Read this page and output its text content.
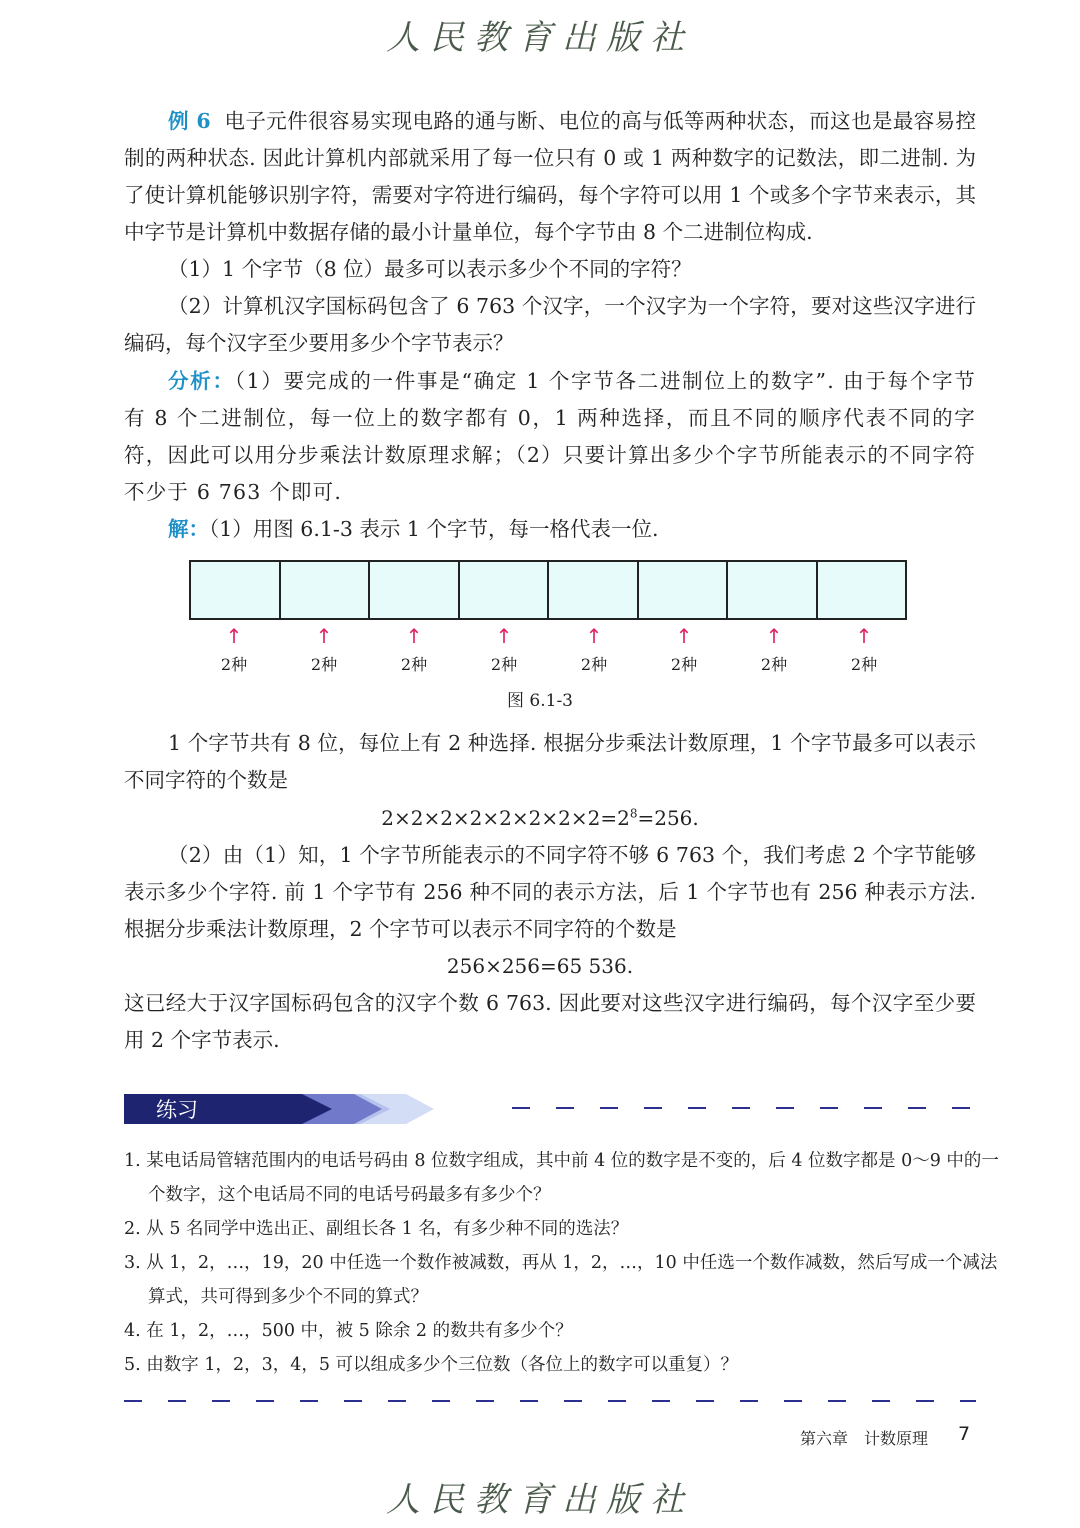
人民教育出版社
例 6 电子元件很容易实现电路的通与断、电位的高与低等两种状态，而这也是最容易控制的两种状态. 因此计算机内部就采用了每一位只有 0 或 1 两种数字的记数法，即二进制. 为了使计算机能够识别字符，需要对字符进行编码，每个字符可以用 1 个或多个字节来表示，其中字节是计算机中数据存储的最小计量单位，每个字节由 8 个二进制位构成.
（1）1 个字节（8 位）最多可以表示多少个不同的字符？
（2）计算机汉字国标码包含了 6 763 个汉字，一个汉字为一个字符，要对这些汉字进行编码，每个汉字至少要用多少个字节表示？
分析：（1）要完成的一件事是“确定 1 个字节各二进制位上的数字”. 由于每个字节有 8 个二进制位，每一位上的数字都有 0，1 两种选择，而且不同的顺序代表不同的字符，因此可以用分步乘法计数原理求解；（2）只要计算出多少个字节所能表示的不同字符不少于 6 763 个即可.
解：（1）用图 6.1-3 表示 1 个字节，每一格代表一位.
↑
2种
↑
2种
↑
2种
↑
2种
↑
2种
↑
2种
↑
2种
↑
2种
图 6.1-3
1 个字节共有 8 位，每位上有 2 种选择. 根据分步乘法计数原理，1 个字节最多可以表示不同字符的个数是
$2\times 2\times 2\times 2\times 2\times 2\times 2\times 2=2^8=256$.
（2）由（1）知，1 个字节所能表示的不同字符不够 6 763 个，我们考虑 2 个字节能够表示多少个字符. 前 1 个字节有 256 种不同的表示方法，后 1 个字节也有 256 种表示方法. 根据分步乘法计数原理，2 个字节可以表示不同字符的个数是
256×256=65 536.
这已经大于汉字国标码包含的汉字个数 6 763. 因此要对这些汉字进行编码，每个汉字至少要用 2 个字节表示.
练习
1. 某电话局管辖范围内的电话号码由 8 位数字组成，其中前 4 位的数字是不变的，后 4 位数字都是 0～9 中的一个数字，这个电话局不同的电话号码最多有多少个？
2. 从 5 名同学中选出正、副组长各 1 名，有多少种不同的选法？
3. 从 1，2，…，19，20 中任选一个数作被减数，再从 1，2，…，10 中任选一个数作减数，然后写成一个减法算式，共可得到多少个不同的算式？
4. 在 1，2，…，500 中，被 5 除余 2 的数共有多少个？
5. 由数字 1，2，3，4，5 可以组成多少个三位数（各位上的数字可以重复）？
第六章　计数原理 7
人民教育出版社
